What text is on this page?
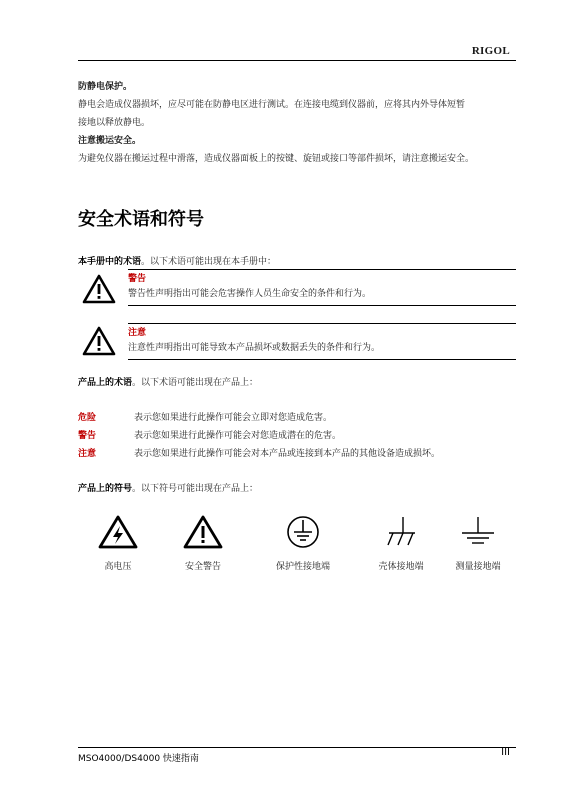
RIGOL
防静电保护。
静电会造成仪器损坏，应尽可能在防静电区进行测试。在连接电缆到仪器前，应将其内外导体短暂
接地以释放静电。
注意搬运安全。
为避免仪器在搬运过程中滑落，造成仪器面板上的按键、旋钮或接口等部件损坏，请注意搬运安全。
安全术语和符号
本手册中的术语。以下术语可能出现在本手册中：
警告
警告性声明指出可能会危害操作人员生命安全的条件和行为。
注意
注意性声明指出可能导致本产品损坏或数据丢失的条件和行为。
产品上的术语。以下术语可能出现在产品上：
危险	表示您如果进行此操作可能会立即对您造成危害。
警告	表示您如果进行此操作可能会对您造成潜在的危害。
注意	表示您如果进行此操作可能会对本产品或连接到本产品的其他设备造成损坏。
产品上的符号。以下符号可能出现在产品上：
高电压	安全警告	保护性接地端	壳体接地端	测量接地端
MSO4000/DS4000 快速指南
III
